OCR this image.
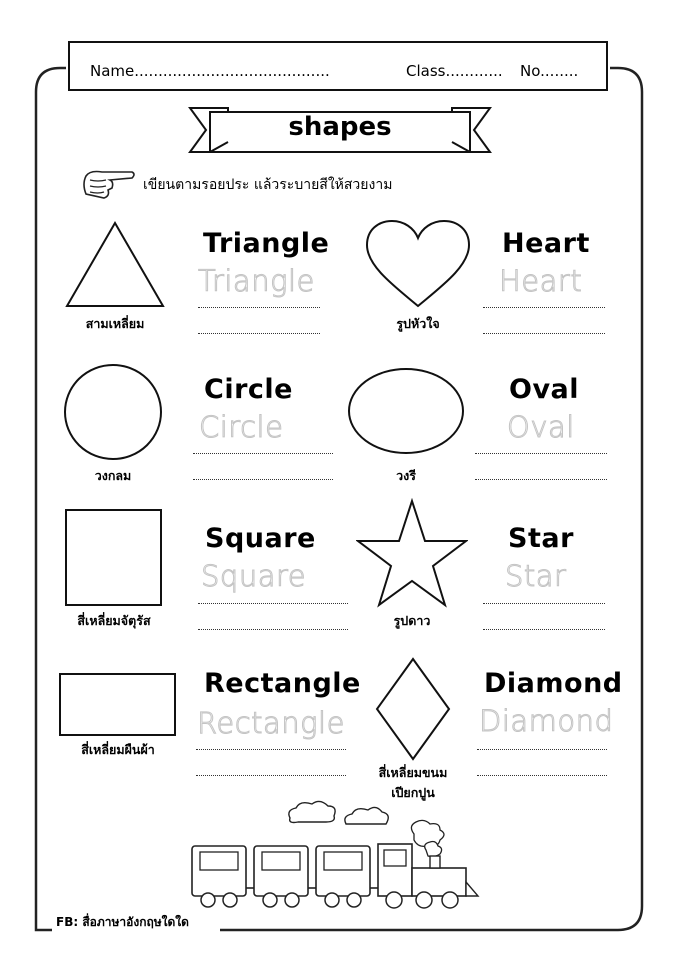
Name.........................................	Class............ No........
shapes
เขียนตามรอยประ แล้วระบายสีให้สวยงาม
สามเหลี่ยม
Triangle
Triangle
รูปหัวใจ
Heart
Heart
วงกลม
Circle
Circle
วงรี
Oval
Oval
สี่เหลี่ยมจัตุรัส
Square
Square
รูปดาว
Star
Star
สี่เหลี่ยมผืนผ้า
Rectangle
Rectangle
สี่เหลี่ยมขนม
เปียกปูน
Diamond
Diamond
FB: สื่อภาษาอังกฤษใดใด
